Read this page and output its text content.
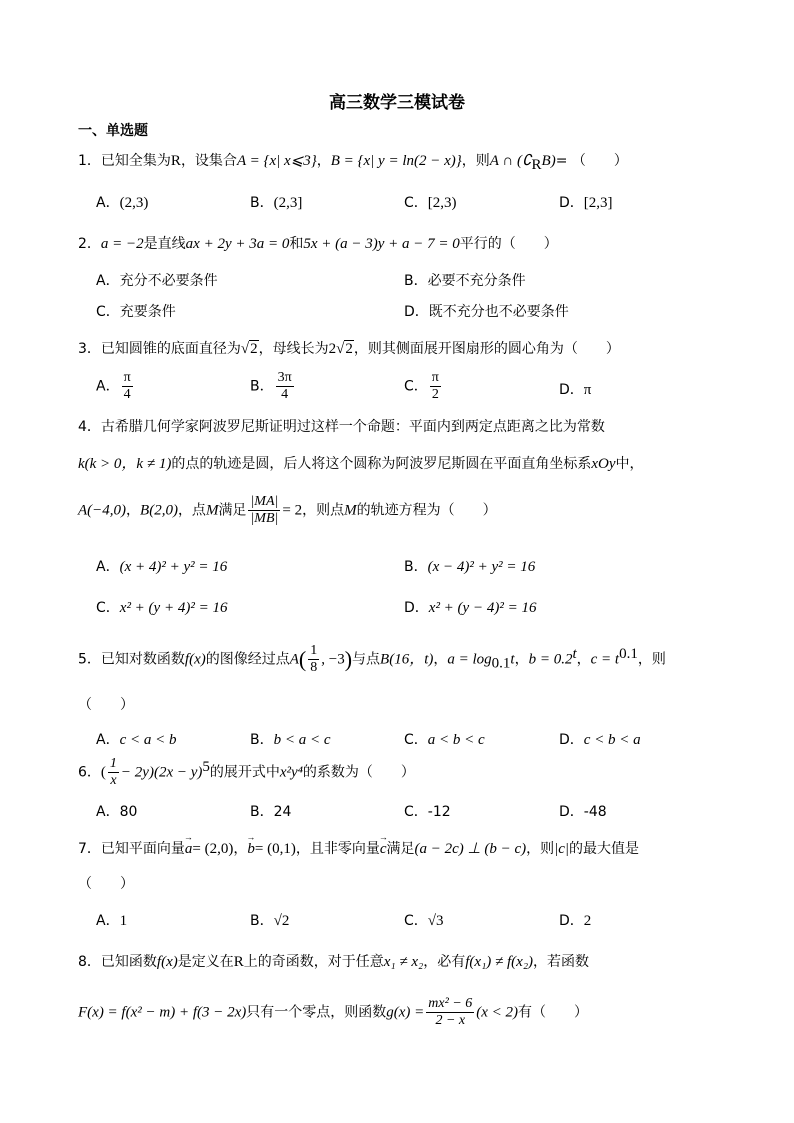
高三数学三模试卷
一、单选题
1．已知全集为R，设集合A = {x| x⩽3}，B = {x| y = ln(2 − x)}，则A ∩ $(∁_RB)=$ （　　）
A．(2,3)	B．(2,3]	C．[2,3)	D．[2,3]
2．a = −2是直线ax + 2y + 3a = 0和5x + (a − 3)y + a − 7 = 0平行的（　　）
A．充分不必要条件	B．必要不充分条件
C．充要条件	D．既不充分也不必要条件
3．已知圆锥的底面直径为√2，母线长为2√2，则其侧面展开图扇形的圆心角为（　　）
A． $\frac{\pi}{4}$	B． $\frac{3\pi}{4}$	C． $\frac{\pi}{2}$	D．π
4．古希腊几何学家阿波罗尼斯证明过这样一个命题：平面内到两定点距离之比为常数
k(k > 0，k ≠ 1)的点的轨迹是圆，后人将这个圆称为阿波罗尼斯圆在平面直角坐标系xOy中，
A(−4,0)，B(2,0)，点M满足 $\frac{|MA|}{|MB|} = 2$，则点M的轨迹方程为（　　）
A．(x + 4)² + y² = 16	B．(x − 4)² + y² = 16
C．x² + (y + 4)² = 16	D．x² + (y − 4)² = 16
5．已知对数函数f(x)的图像经过点$A( \frac{1}{8}$ , −3)与点B(16，t)，$a = \log_{0.1}t$，$b = 0.2^t$，$c = t^{0.1}$，则
（　　）
A．c < a < b	B．b < a < c	C．a < b < c	D．c < b < a
6．( $\frac{1}{x} - 2y)(2x - y)^5$的展开式中x²y⁴的系数为（　　）
A．80	B．24	C．-12	D．-48
7．已知平面向量→ a= (2,0)，→ b= (0,1)，且非零向量→ c满足(a − 2c) ⊥ (b − c)，则|c|的最大值是
（　　）
A．1	B．√2	C．√3	D．2
8．已知函数f(x)是定义在R上的奇函数，对于任意x₁ ≠ x₂，必有f(x₁) ≠ f(x₂)，若函数
F(x) = f(x² − m) + f(3 − 2x)只有一个零点，则函数$g(x) = \frac{\text{mx² − 6}}{2 - x} (x < 2)$有（　　）
